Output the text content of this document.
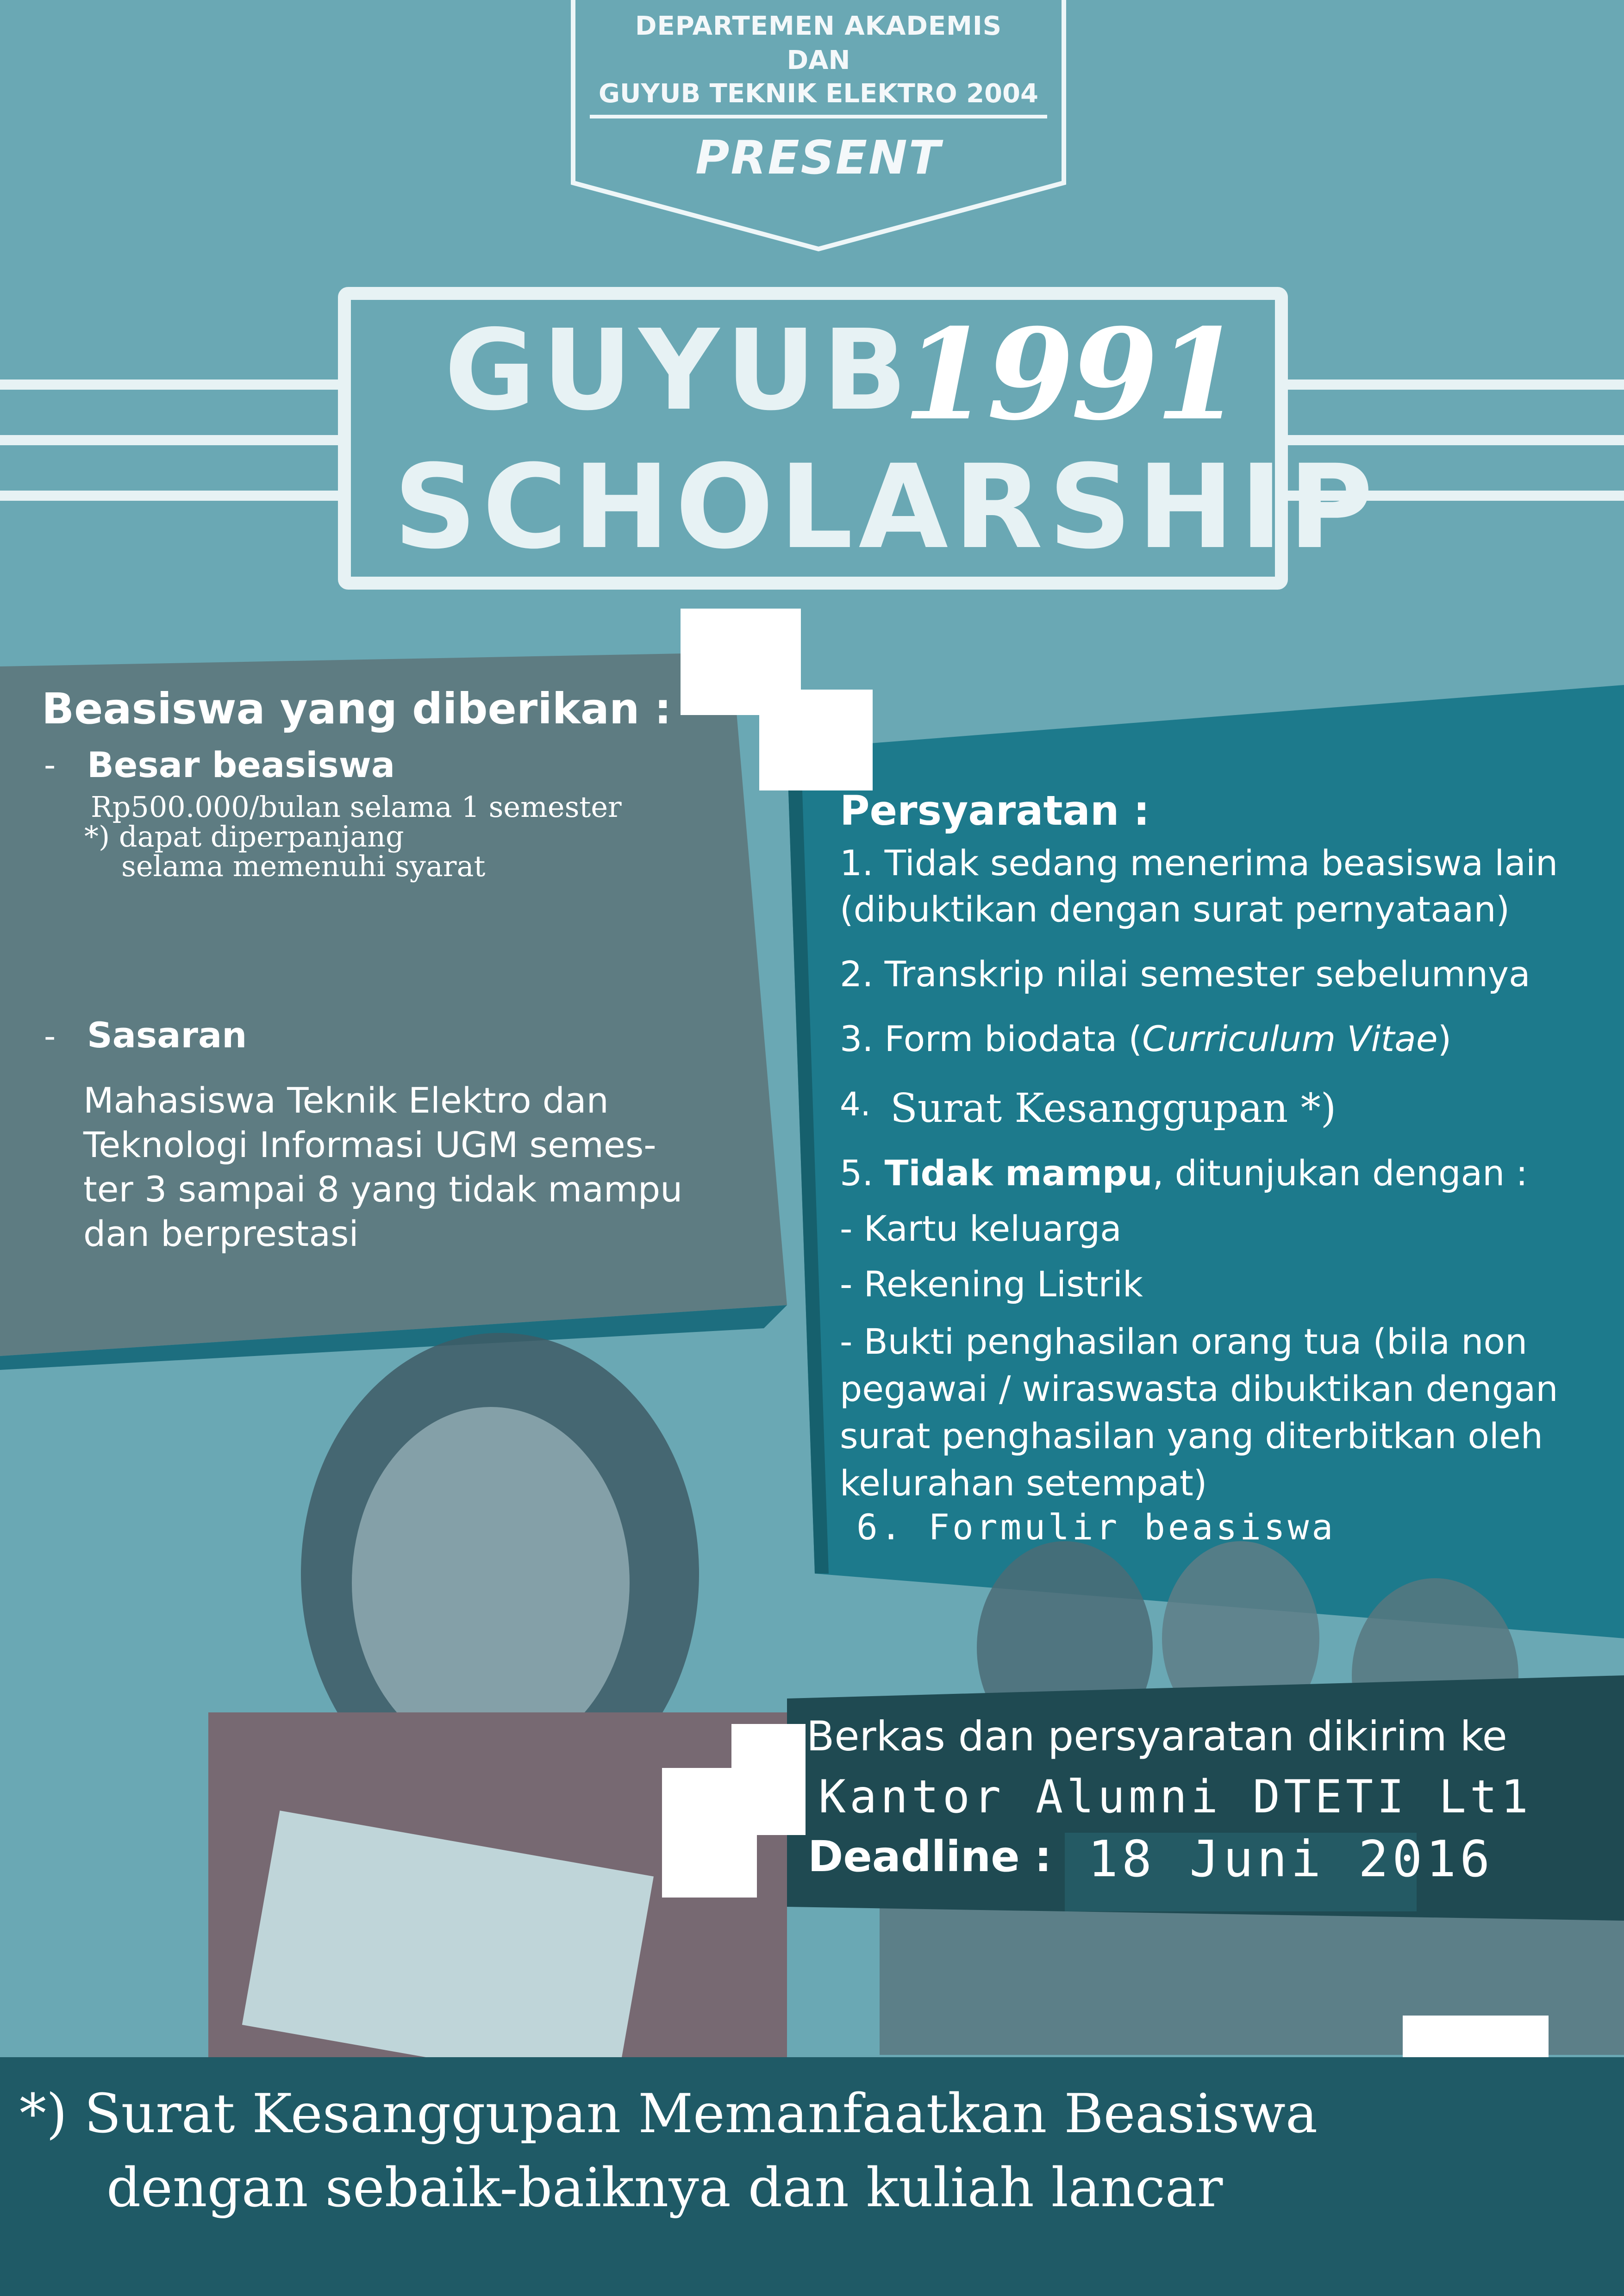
DEPARTEMEN AKADEMIS
DAN
GUYUB TEKNIK ELEKTRO 2004
PRESENT
GUYUB
1991
SCHOLARSHIP
Beasiswa yang diberikan :
- Besar beasiswa
Rp500.000/bulan selama 1 semester
*) dapat diperpanjang
selama memenuhi syarat
- Sasaran
Mahasiswa Teknik Elektro dan
Teknologi Informasi UGM semes-
ter 3 sampai 8 yang tidak mampu
dan berprestasi
Persyaratan :
1. Tidak sedang menerima beasiswa lain
(dibuktikan dengan surat pernyataan)
2. Transkrip nilai semester sebelumnya
3. Form biodata (Curriculum Vitae)
4. Surat Kesanggupan *)
5. Tidak mampu, ditunjukan dengan :
- Kartu keluarga
- Rekening Listrik
- Bukti penghasilan orang tua (bila non
pegawai / wiraswasta dibuktikan dengan
surat penghasilan yang diterbitkan oleh
kelurahan setempat)
6. Formulir beasiswa
Berkas dan persyaratan dikirim ke
Kantor Alumni DTETI Lt1
Deadline : 18 Juni 2016
*) Surat Kesanggupan Memanfaatkan Beasiswa
dengan sebaik-baiknya dan kuliah lancar
